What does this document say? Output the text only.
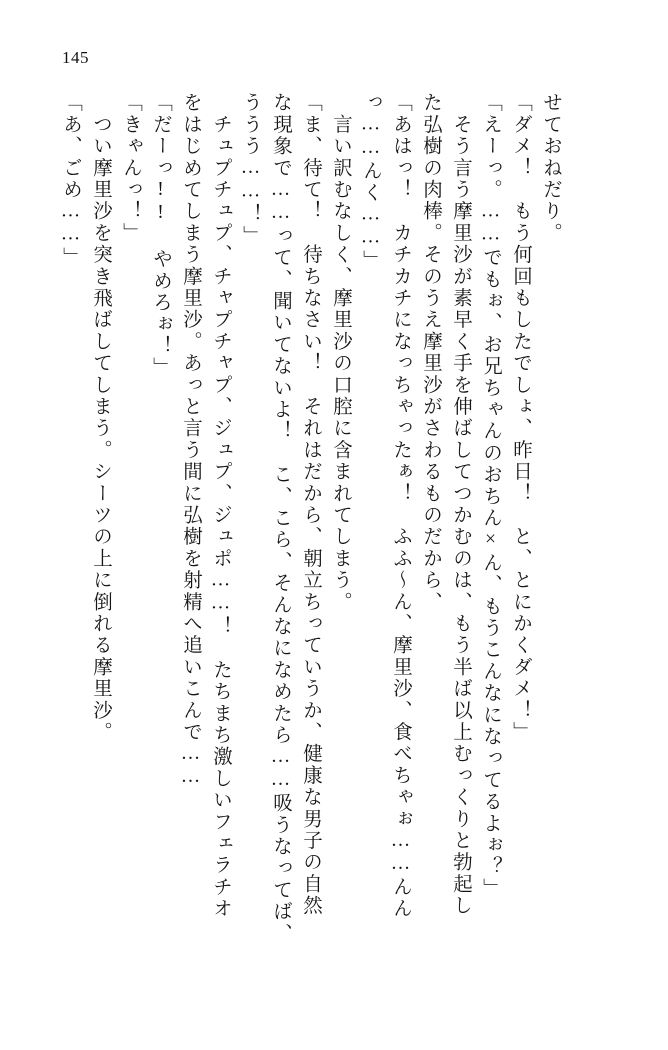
145
「あ、ごめ……」 　つい摩里沙を突き飛ばしてしまう。シーツの上に倒れる摩里沙。 「きゃんっ！」 「だーっ!! やめろぉ！」 をはじめてしまう摩里沙。あっと言う間に弘樹を射精へ追いこんで…… 　チュプチュプ、チャプチャプ、ジュプ、ジュポ……！　たちまち激しいフェラチオ ううう……！」 な現象で……って、聞いてないよ！　こ、こら、そんなになめたら……吸うなってば、 「ま、待て！　待ちなさい！　それはだから、朝立ちっていうか、健康な男子の自然 　言い訳むなしく、摩里沙の口腔に含まれてしまう。 っ……んく……」 「あはっ！　カチカチになっちゃったぁ！　ふふ～ん、摩里沙、食べちゃぉ……んん た弘樹の肉棒。そのうえ摩里沙がさわるものだから、 　そう言う摩里沙が素早く手を伸ばしてつかむのは、もう半ば以上むっくりと勃起し 「えーっ。……でもぉ、お兄ちゃんのおちん×ん、もうこんなになってるよぉ？」 「ダメ！　もう何回もしたでしょ、昨日！　と、とにかくダメ！」 せておねだり。
